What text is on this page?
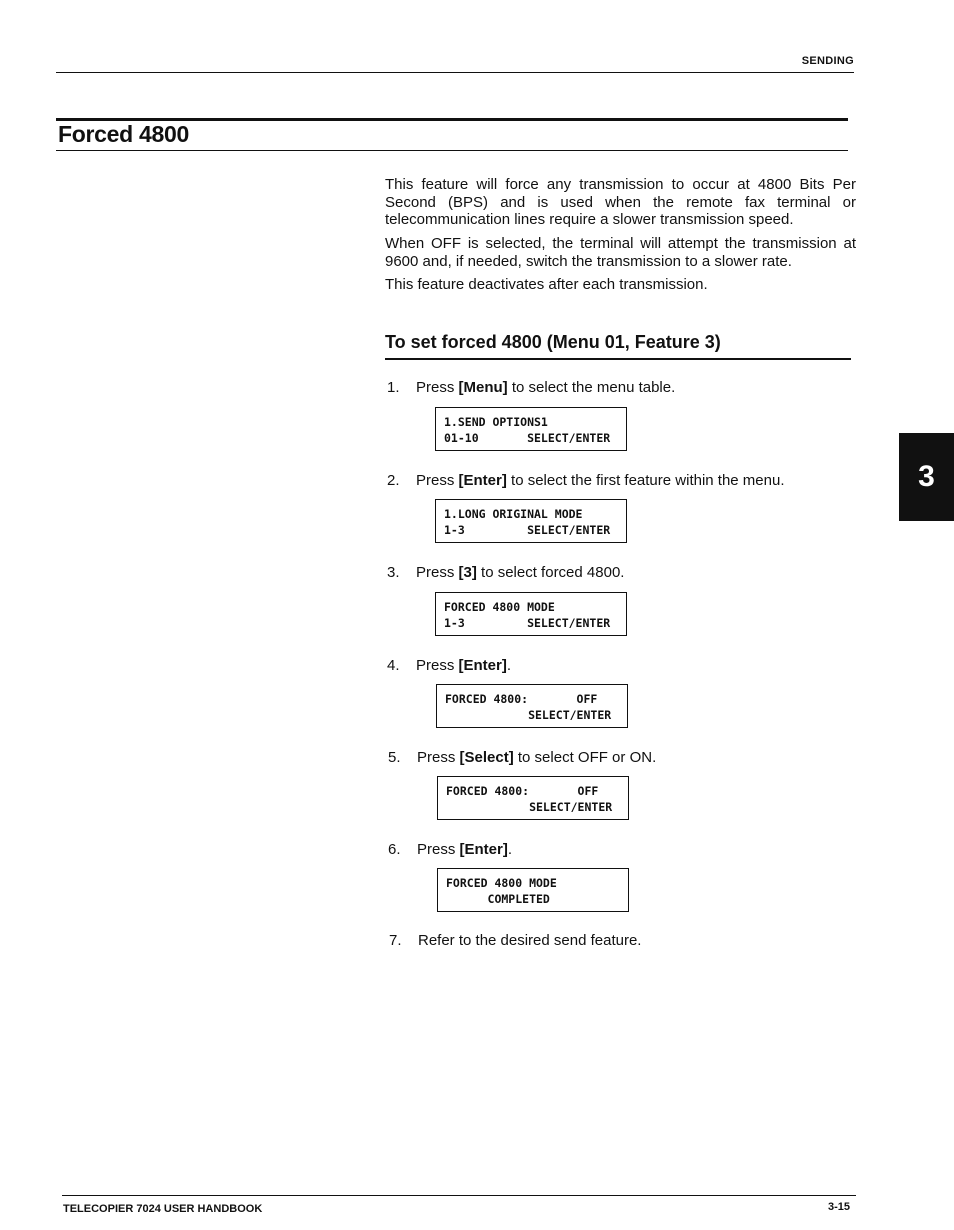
SENDING
Forced 4800
This feature will force any transmission to occur at 4800 Bits Per Second (BPS) and is used when the remote fax terminal or telecommunication lines require a slower transmission speed.
When OFF is selected, the terminal will attempt the transmission at 9600 and, if needed, switch the transmission to a slower rate.
This feature deactivates after each transmission.
To set forced 4800 (Menu 01, Feature 3)
1. Press [Menu] to select the menu table.
1.SEND OPTIONS1
01-10       SELECT/ENTER
2. Press [Enter] to select the first feature within the menu.
1.LONG ORIGINAL MODE
1-3         SELECT/ENTER
3. Press [3] to select forced 4800.
FORCED 4800 MODE
1-3         SELECT/ENTER
4. Press [Enter].
FORCED 4800:       OFF
SELECT/ENTER
5. Press [Select] to select OFF or ON.
FORCED 4800:       OFF
SELECT/ENTER
6. Press [Enter].
FORCED 4800 MODE
COMPLETED
7. Refer to the desired send feature.
3
TELECOPIER 7024 USER HANDBOOK	3-15
